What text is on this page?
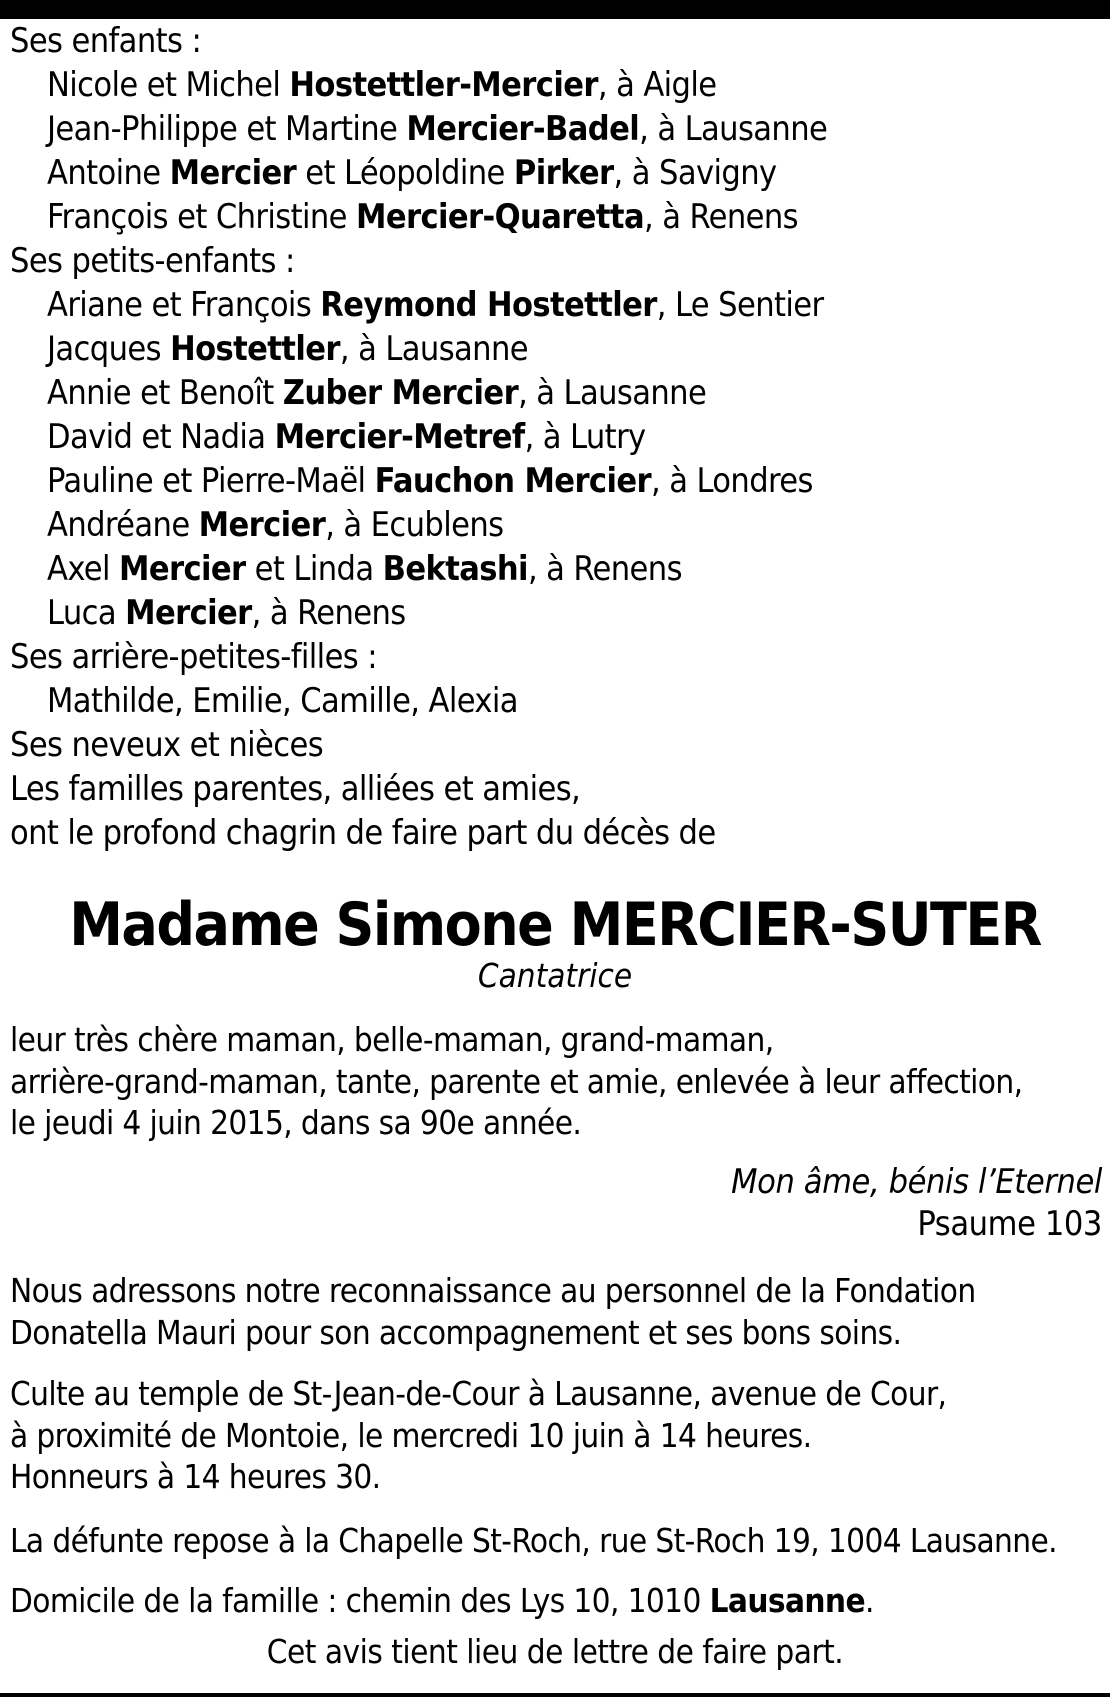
Ses enfants :
Nicole et Michel Hostettler-Mercier, à Aigle
Jean-Philippe et Martine Mercier-Badel, à Lausanne
Antoine Mercier et Léopoldine Pirker, à Savigny
François et Christine Mercier-Quaretta, à Renens
Ses petits-enfants :
Ariane et François Reymond Hostettler, Le Sentier
Jacques Hostettler, à Lausanne
Annie et Benoît Zuber Mercier, à Lausanne
David et Nadia Mercier-Metref, à Lutry
Pauline et Pierre-Maël Fauchon Mercier, à Londres
Andréane Mercier, à Ecublens
Axel Mercier et Linda Bektashi, à Renens
Luca Mercier, à Renens
Ses arrière-petites-filles :
Mathilde, Emilie, Camille, Alexia
Ses neveux et nièces
Les familles parentes, alliées et amies,
ont le profond chagrin de faire part du décès de
Madame Simone MERCIER-SUTER
Cantatrice
leur très chère maman, belle-maman, grand-maman,
arrière-grand-maman, tante, parente et amie, enlevée à leur affection,
le jeudi 4 juin 2015, dans sa 90e année.
Mon âme, bénis l’Eternel
Psaume 103
Nous adressons notre reconnaissance au personnel de la Fondation
Donatella Mauri pour son accompagnement et ses bons soins.
Culte au temple de St-Jean-de-Cour à Lausanne, avenue de Cour,
à proximité de Montoie, le mercredi 10 juin à 14 heures.
Honneurs à 14 heures 30.
La défunte repose à la Chapelle St-Roch, rue St-Roch 19, 1004 Lausanne.
Domicile de la famille : chemin des Lys 10, 1010 Lausanne.
Cet avis tient lieu de lettre de faire part.
